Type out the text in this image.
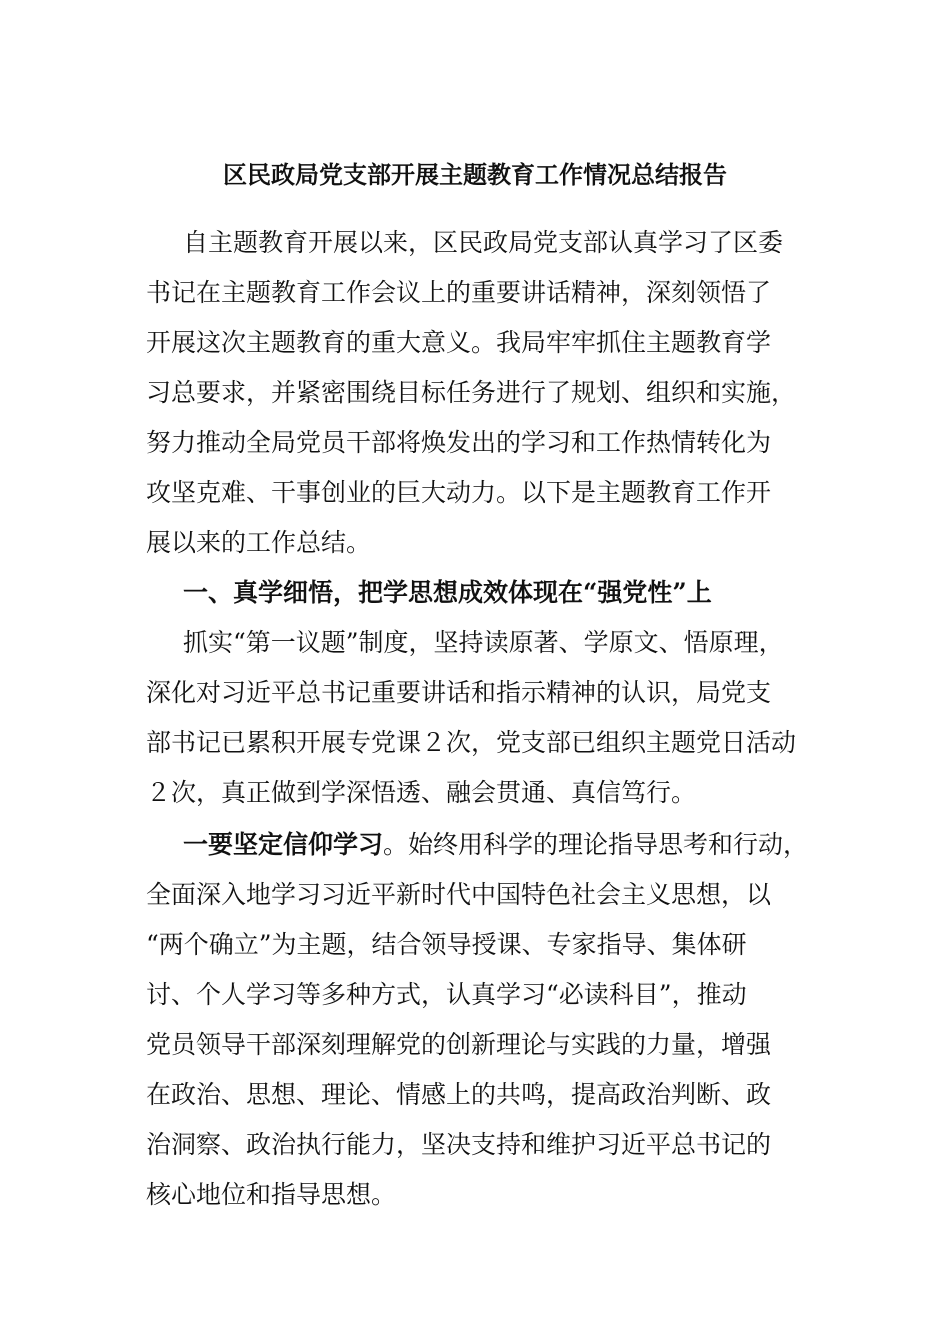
区民政局党支部开展主题教育工作情况总结报告
自主题教育开展以来，区民政局党支部认真学习了区委
书记在主题教育工作会议上的重要讲话精神，深刻领悟了
开展这次主题教育的重大意义。我局牢牢抓住主题教育学
习总要求，并紧密围绕目标任务进行了规划、组织和实施，
努力推动全局党员干部将焕发出的学习和工作热情转化为
攻坚克难、干事创业的巨大动力。以下是主题教育工作开
展以来的工作总结。
一、真学细悟，把学思想成效体现在“强党性”上
抓实“第一议题”制度，坚持读原著、学原文、悟原理，
深化对习近平总书记重要讲话和指示精神的认识，局党支
部书记已累积开展专党课２次，党支部已组织主题党日活动
２次，真正做到学深悟透、融会贯通、真信笃行。
一要坚定信仰学习。始终用科学的理论指导思考和行动，
全面深入地学习习近平新时代中国特色社会主义思想，以
“两个确立”为主题，结合领导授课、专家指导、集体研
讨、个人学习等多种方式，认真学习“必读科目”，推动
党员领导干部深刻理解党的创新理论与实践的力量，增强
在政治、思想、理论、情感上的共鸣，提高政治判断、政
治洞察、政治执行能力，坚决支持和维护习近平总书记的
核心地位和指导思想。
